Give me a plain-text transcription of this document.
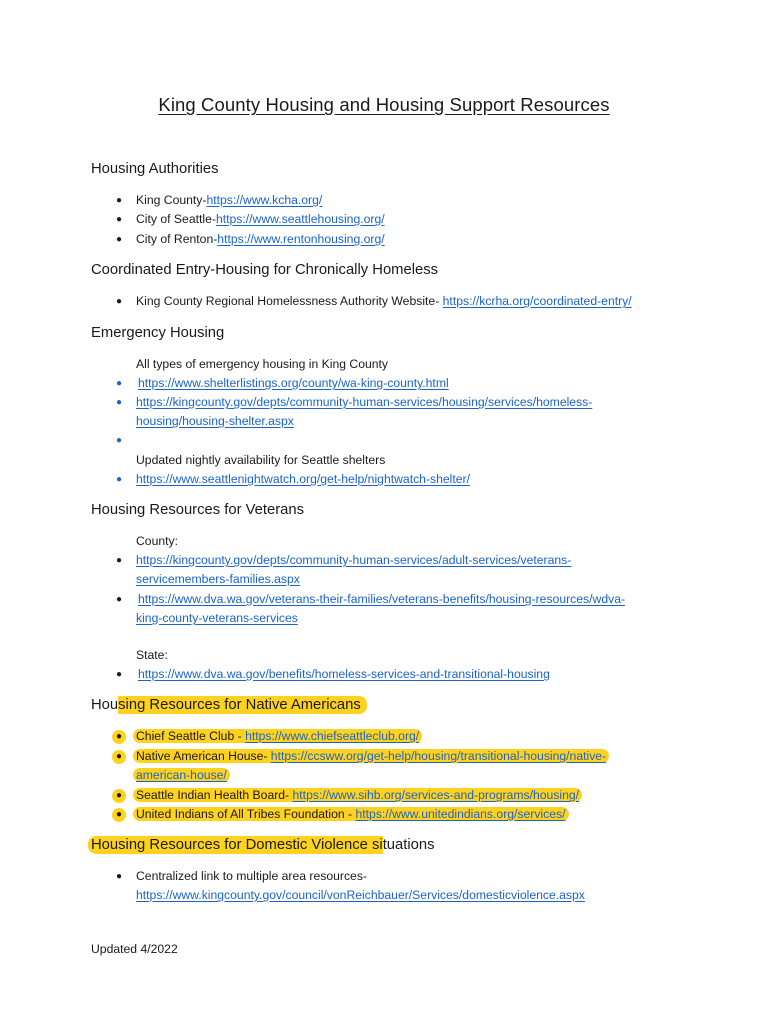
King County Housing and Housing Support Resources
Housing Authorities
● King County-https://www.kcha.org/
● City of Seattle-https://www.seattlehousing.org/
● City of Renton-https://www.rentonhousing.org/
Coordinated Entry-Housing for Chronically Homeless
● King County Regional Homelessness Authority Website- https://kcrha.org/coordinated-entry/
Emergency Housing
All types of emergency housing in King County
● https://www.shelterlistings.org/county/wa-king-county.html
● https://kingcounty.gov/depts/community-human-services/housing/services/homeless-
housing/housing-shelter.aspx
●
Updated nightly availability for Seattle shelters
● https://www.seattlenightwatch.org/get-help/nightwatch-shelter/
Housing Resources for Veterans
County:
● https://kingcounty.gov/depts/community-human-services/adult-services/veterans-
servicemembers-families.aspx
● https://www.dva.wa.gov/veterans-their-families/veterans-benefits/housing-resources/wdva-
king-county-veterans-services
State:
● https://www.dva.wa.gov/benefits/homeless-services-and-transitional-housing
Housing Resources for Native Americans
●	Chief Seattle Club - https://www.chiefseattleclub.org/
●	Native American House- https://ccsww.org/get-help/housing/transitional-housing/native-
american-house/
●	Seattle Indian Health Board- https://www.sihb.org/services-and-programs/housing/
●	United Indians of All Tribes Foundation - https://www.unitedindians.org/services/
Housing Resources for Domestic Violence situations
● Centralized link to multiple area resources-
https://www.kingcounty.gov/council/vonReichbauer/Services/domesticviolence.aspx
Updated 4/2022
